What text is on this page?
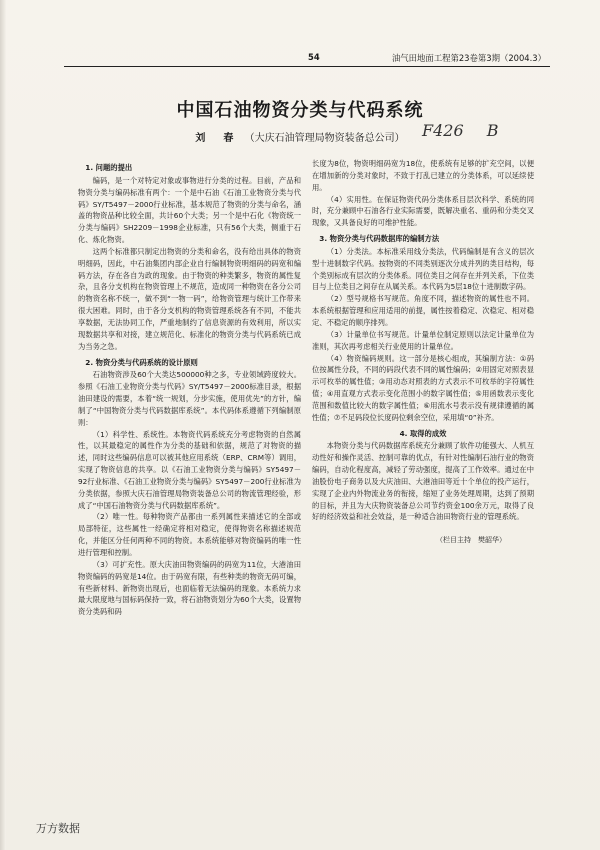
54	油气田地面工程第23卷第3期（2004.3）
中国石油物资分类与代码系统
刘　春 （大庆石油管理局物资装备总公司）	F426 B
1. 问题的提出

编码，是一个对特定对象或事物进行分类的过程。目前，产品和物资分类与编码标准有两个：一个是中石油《石油工业物资分类与代码》SY/T5497－2000行业标准，基本规范了物资的分类与命名，涵盖的物资品种比较全面，共计60个大类；另一个是中石化《物资统一分类与编码》SH2209－1998企业标准，只有56个大类，侧重于石化、炼化物资。

这两个标准都只制定出物资的分类和命名，没有给出具体的物资明细码，因此，中石油集团内部企业自行编制物资明细码的码宽和编码方法，存在各自为政的现象。由于物资的种类繁多，物资的属性复杂，且各分支机构在物资管理上不规范，造成同一种物资在各分公司的物资名称不统一，做不到“一物一码”，给物资管理与统计工作带来很大困难。同时，由于各分支机构的物资管理系统各有不同，不能共享数据，无法协同工作，严重地制约了信息资源的有效利用，所以实现数据共享和对接，建立规范化、标准化的物资分类与代码系统已成为当务之急。

2. 物资分类与代码系统的设计原则

石油物资涉及60个大类达500000种之多，专业领域跨度较大。参照《石油工业物资分类与代码》SY/T5497－2000标准目录，根据油田建设的需要，本着“统一规划，分步实施，使用优先”的方针，编制了“中国物资分类与代码数据库系统”。本代码体系遵循下列编制原则：

（1）科学性、系统性。本物资代码系统充分考虑物资的自然属性，以其最稳定的属性作为分类的基础和依据，规范了对物资的描述，同时这些编码信息可以被其他应用系统（ERP、CRM等）调用，实现了物资信息的共享。以《石油工业物资分类与编码》SY5497－92行业标准、《石油工业物资分类与编码》SY5497－200行业标准为分类依据，参照大庆石油管理局物资装备总公司的物流管理经验，形成了“中国石油物资分类与代码数据库系统”。

（2）唯一性。每种物资产品都由一系列属性来描述它的全部或局部特征，这些属性一经确定将相对稳定，使得物资名称描述规范化，并能区分任何两种不同的物资。本系统能够对物资编码的唯一性进行管理和控制。

（3）可扩充性。原大庆油田物资编码的码宽为11位，大港油田物资编码的码宽是14位。由于码宽有限，有些种类的物资无码可编，有些新材料、新物资出现后，也面临着无法编码的现象。本系统力求最大限度地与国标码保持一致，将石油物资划分为60个大类，设置物资分类码和码

长度为8位，物资明细码宽为18位，使系统有足够的扩充空间，以便在增加新的分类对象时，不致于打乱已建立的分类体系，可以延续使用。

（4）实用性。在保证物资代码分类体系目层次科学、系统的同时，充分兼顾中石油各行业实际需要，既解决重名、重码和分类交叉现象，又具备良好的可维护性能。

3. 物资分类与代码数据库的编制方法

（1）分类法。本标准采用线分类法，代码编制是有含义的层次型十进制数字代码。按物资的不同类别逐次分成并列的类目结构，每个类别标成有层次的分类体系。同位类目之间存在并列关系，下位类目与上位类目之间存在从属关系。本代码为5层18位十进制数字码。

（2）型号规格书写规范。角度不同，描述物资的属性也不同。本系统根据管理和应用适用的前提，属性按着稳定、次稳定、相对稳定、不稳定的顺序排列。

（3）计量单位书写规范。计量单位制定原则以法定计量单位为准则，其次再考虑相关行业使用的计量单位。

（4）物资编码规则。这一部分是核心组成，其编制方法：①码位按属性分段，不同的码段代表不同的属性编码；②用固定对照表显示可枚举的属性值；③用动态对照表的方式表示不可枚举的字符属性值；④用直观方式表示变化范围小的数字属性值；⑤用函数表示变化范围和数值比较大的数字属性值；⑥用流水号表示没有规律遵循的属性值；⑦不足码段位长度码位剩余空位，采用填“0”补齐。

4. 取得的成效

本物资分类与代码数据库系统充分兼顾了软件功能强大、人机互动性好和操作灵活、控制可靠的优点，有针对性编制石油行业的物资编码，自动化程度高，减轻了劳动强度，提高了工作效率。通过在中油股份电子商务以及大庆油田、大港油田等近十个单位的投产运行，实现了企业内外物流业务的衔接，缩短了业务处理周期，达到了预期的目标，并且为大庆物资装备总公司节约资金100余万元，取得了良好的经济效益和社会效益，是一种适合油田物资行业的管理系统。

（栏目主持　樊韶华）
万方数据
